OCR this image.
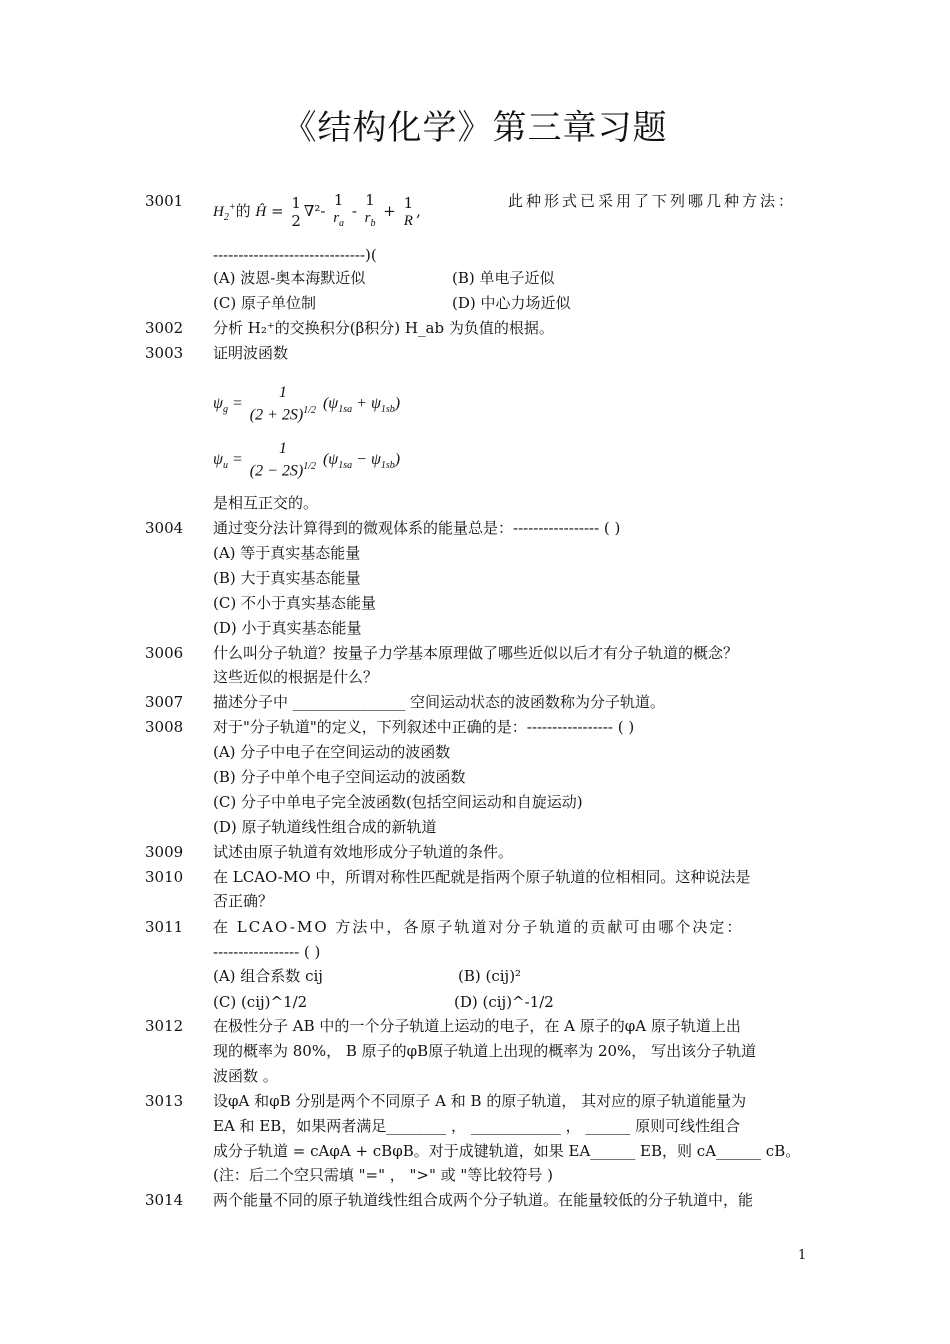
《结构化学》第三章习题
3001
$H_2^+$的 Ĥ = 1
2
∇²-
1
$r_a$
-
1
$r_b$
+ 1
R
,
此种形式已采用了下列哪几种方法：
------------------------------)(
(A) 波恩-奥本海默近似	(B) 单电子近似
(C) 原子单位制	(D) 中心力场近似
3002 分析 H₂⁺的交换积分(β积分) H_ab 为负值的根据。
3003 证明波函数
$\psi_g$ =
1
$(2 + 2S)^{1/2}$ $(\psi_{1sa} + \psi_{1sb})$
$\psi_u$ =
1
$(2 - 2S)^{1/2}$ $(\psi_{1sa} - \psi_{1sb})$
是相互正交的。
3004 通过变分法计算得到的微观体系的能量总是：----------------- ( )
(A) 等于真实基态能量
(B) 大于真实基态能量
(C) 不小于真实基态能量
(D) 小于真实基态能量
3006 什么叫分子轨道？按量子力学基本原理做了哪些近似以后才有分子轨道的概念？
这些近似的根据是什么？
3007 描述分子中 _______________ 空间运动状态的波函数称为分子轨道。
3008 对于"分子轨道"的定义，下列叙述中正确的是：----------------- ( )
(A) 分子中电子在空间运动的波函数
(B) 分子中单个电子空间运动的波函数
(C) 分子中单电子完全波函数(包括空间运动和自旋运动)
(D) 原子轨道线性组合成的新轨道
3009 试述由原子轨道有效地形成分子轨道的条件。
3010 在 LCAO-MO 中，所谓对称性匹配就是指两个原子轨道的位相相同。这种说法是
否正确？
3011 在 LCAO-MO 方法中，各原子轨道对分子轨道的贡献可由哪个决定：
----------------- ( )
(A) 组合系数 cij	(B) (cij)²
(C) (cij)^1/2	(D) (cij)^-1/2
3012 在极性分子 AB 中的一个分子轨道上运动的电子，在 A 原子的φA 原子轨道上出
现的概率为 80%， B 原子的φB原子轨道上出现的概率为 20%， 写出该分子轨道
波函数 。
3013 设φA 和φB 分别是两个不同原子 A 和 B 的原子轨道， 其对应的原子轨道能量为
EA 和 EB，如果两者满足________ ， ____________ ， ______ 原则可线性组合
成分子轨道 = cAφA + cBφB。对于成键轨道，如果 EA______ EB，则 cA______ cB。
(注：后二个空只需填 "=" ， ">" 或 "等比较符号 )
3014 两个能量不同的原子轨道线性组合成两个分子轨道。在能量较低的分子轨道中，能
1
